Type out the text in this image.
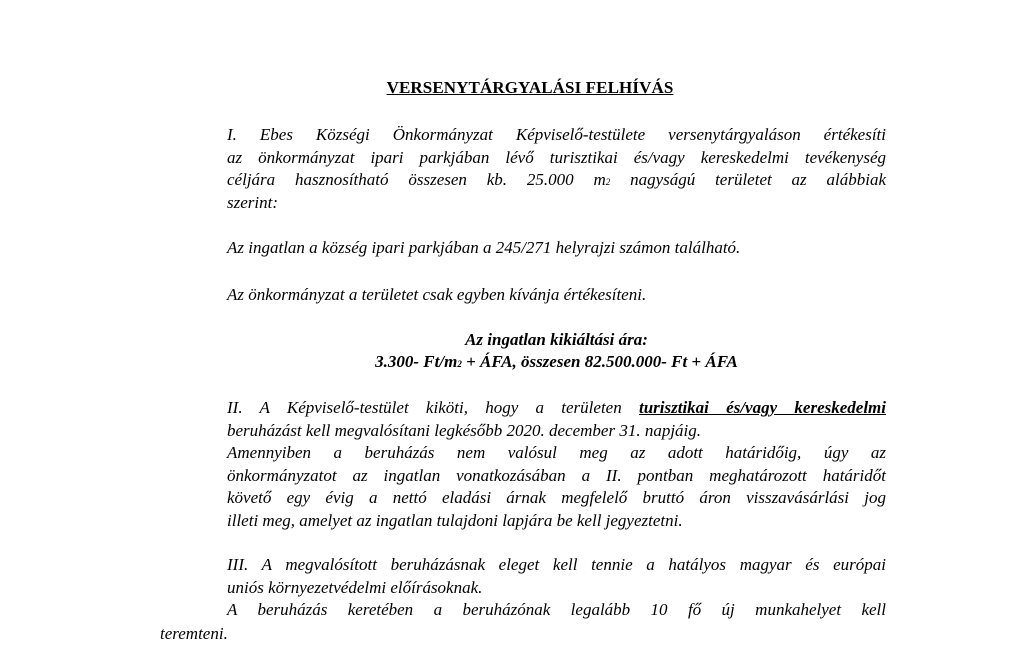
VERSENYTÁRGYALÁSI FELHÍVÁS
I. Ebes Községi Önkormányzat Képviselő-testülete versenytárgyaláson értékesíti
az önkormányzat ipari parkjában lévő turisztikai és/vagy kereskedelmi tevékenység
céljára hasznosítható összesen kb. 25.000 $m^2$ nagyságú területet az alábbiak
szerint:
Az ingatlan a község ipari parkjában a 245/271 helyrajzi számon található.
Az önkormányzat a területet csak egyben kívánja értékesíteni.
Az ingatlan kikiáltási ára:
3.300- $Ft/m^2$ + ÁFA, összesen 82.500.000- Ft + ÁFA
II. A Képviselő-testület kiköti, hogy a területen turisztikai és/vagy kereskedelmi
beruházást kell megvalósítani legkésőbb 2020. december 31. napjáig.
Amennyiben a beruházás nem valósul meg az adott határidőig, úgy az
önkormányzatot az ingatlan vonatkozásában a II. pontban meghatározott határidőt
követő egy évig a nettó eladási árnak megfelelő bruttó áron visszavásárlási jog
illeti meg, amelyet az ingatlan tulajdoni lapjára be kell jegyeztetni.
III. A megvalósított beruházásnak eleget kell tennie a hatályos magyar és európai
uniós környezetvédelmi előírásoknak.
A beruházás keretében a beruházónak legalább 10 fő új munkahelyet kell
teremteni.
